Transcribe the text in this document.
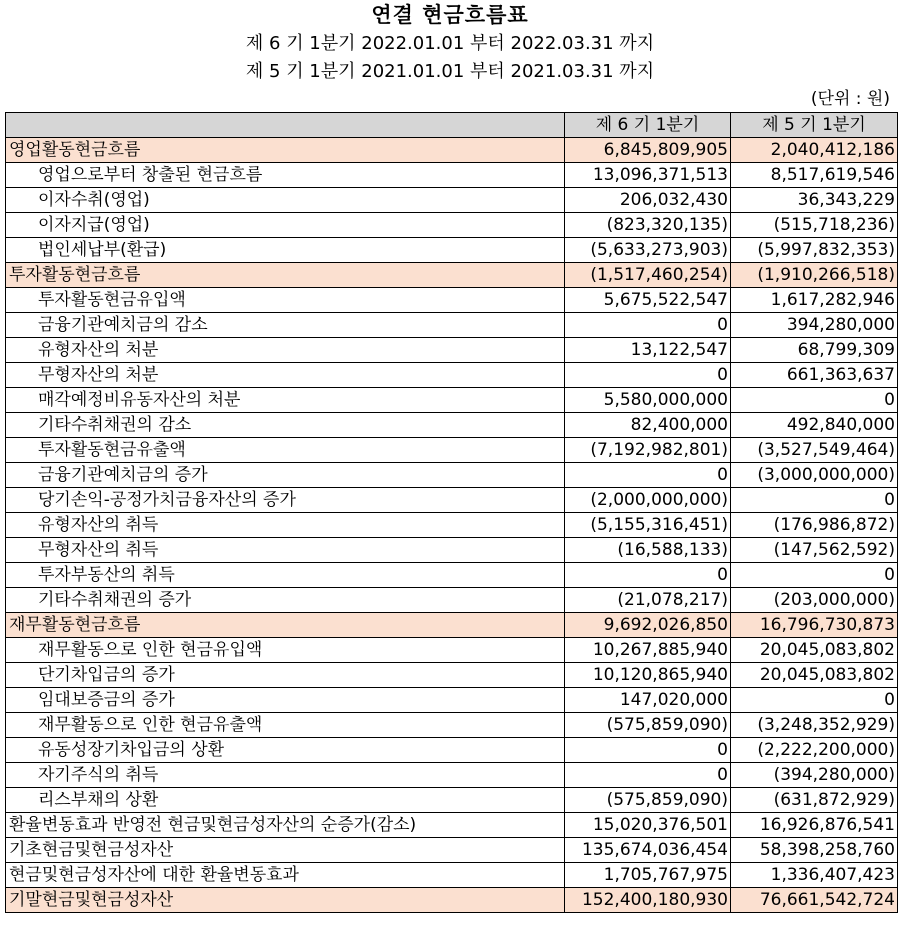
연결 현금흐름표
제 6 기 1분기 2022.01.01 부터 2022.03.31 까지
제 5 기 1분기 2021.01.01 부터 2021.03.31 까지
(단위 : 원)
	제 6 기 1분기	제 5 기 1분기
영업활동현금흐름	6,845,809,905	2,040,412,186
영업으로부터 창출된 현금흐름	13,096,371,513	8,517,619,546
이자수취(영업)	206,032,430	36,343,229
이자지급(영업)	(823,320,135)	(515,718,236)
법인세납부(환급)	(5,633,273,903)	(5,997,832,353)
투자활동현금흐름	(1,517,460,254)	(1,910,266,518)
투자활동현금유입액	5,675,522,547	1,617,282,946
금융기관예치금의 감소	0	394,280,000
유형자산의 처분	13,122,547	68,799,309
무형자산의 처분	0	661,363,637
매각예정비유동자산의 처분	5,580,000,000	0
기타수취채권의 감소	82,400,000	492,840,000
투자활동현금유출액	(7,192,982,801)	(3,527,549,464)
금융기관예치금의 증가	0	(3,000,000,000)
당기손익-공정가치금융자산의 증가	(2,000,000,000)	0
유형자산의 취득	(5,155,316,451)	(176,986,872)
무형자산의 취득	(16,588,133)	(147,562,592)
투자부동산의 취득	0	0
기타수취채권의 증가	(21,078,217)	(203,000,000)
재무활동현금흐름	9,692,026,850	16,796,730,873
재무활동으로 인한 현금유입액	10,267,885,940	20,045,083,802
단기차입금의 증가	10,120,865,940	20,045,083,802
임대보증금의 증가	147,020,000	0
재무활동으로 인한 현금유출액	(575,859,090)	(3,248,352,929)
유동성장기차입금의 상환	0	(2,222,200,000)
자기주식의 취득	0	(394,280,000)
리스부채의 상환	(575,859,090)	(631,872,929)
환율변동효과 반영전 현금및현금성자산의 순증가(감소)	15,020,376,501	16,926,876,541
기초현금및현금성자산	135,674,036,454	58,398,258,760
현금및현금성자산에 대한 환율변동효과	1,705,767,975	1,336,407,423
기말현금및현금성자산	152,400,180,930	76,661,542,724
